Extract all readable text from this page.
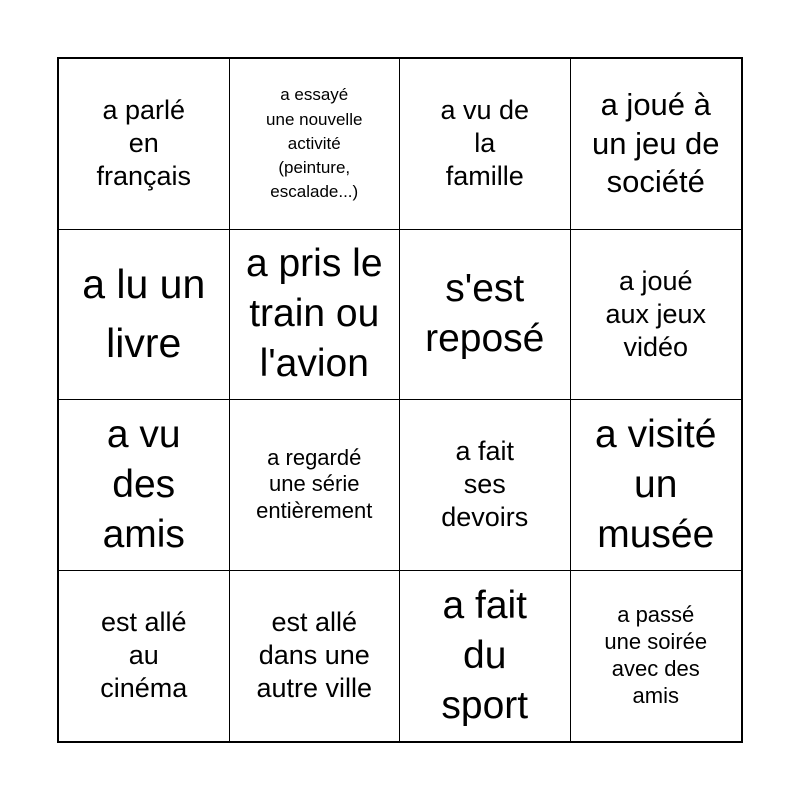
a parlé
en
français
a essayé
une nouvelle
activité
(peinture,
escalade...)
a vu de
la
famille
a joué à
un jeu de
société
a lu un
livre
a pris le
train ou
l'avion
s'est
reposé
a joué
aux jeux
vidéo
a vu
des
amis
a regardé
une série
entièrement
a fait
ses
devoirs
a visité
un
musée
est allé
au
cinéma
est allé
dans une
autre ville
a fait
du
sport
a passé
une soirée
avec des
amis
